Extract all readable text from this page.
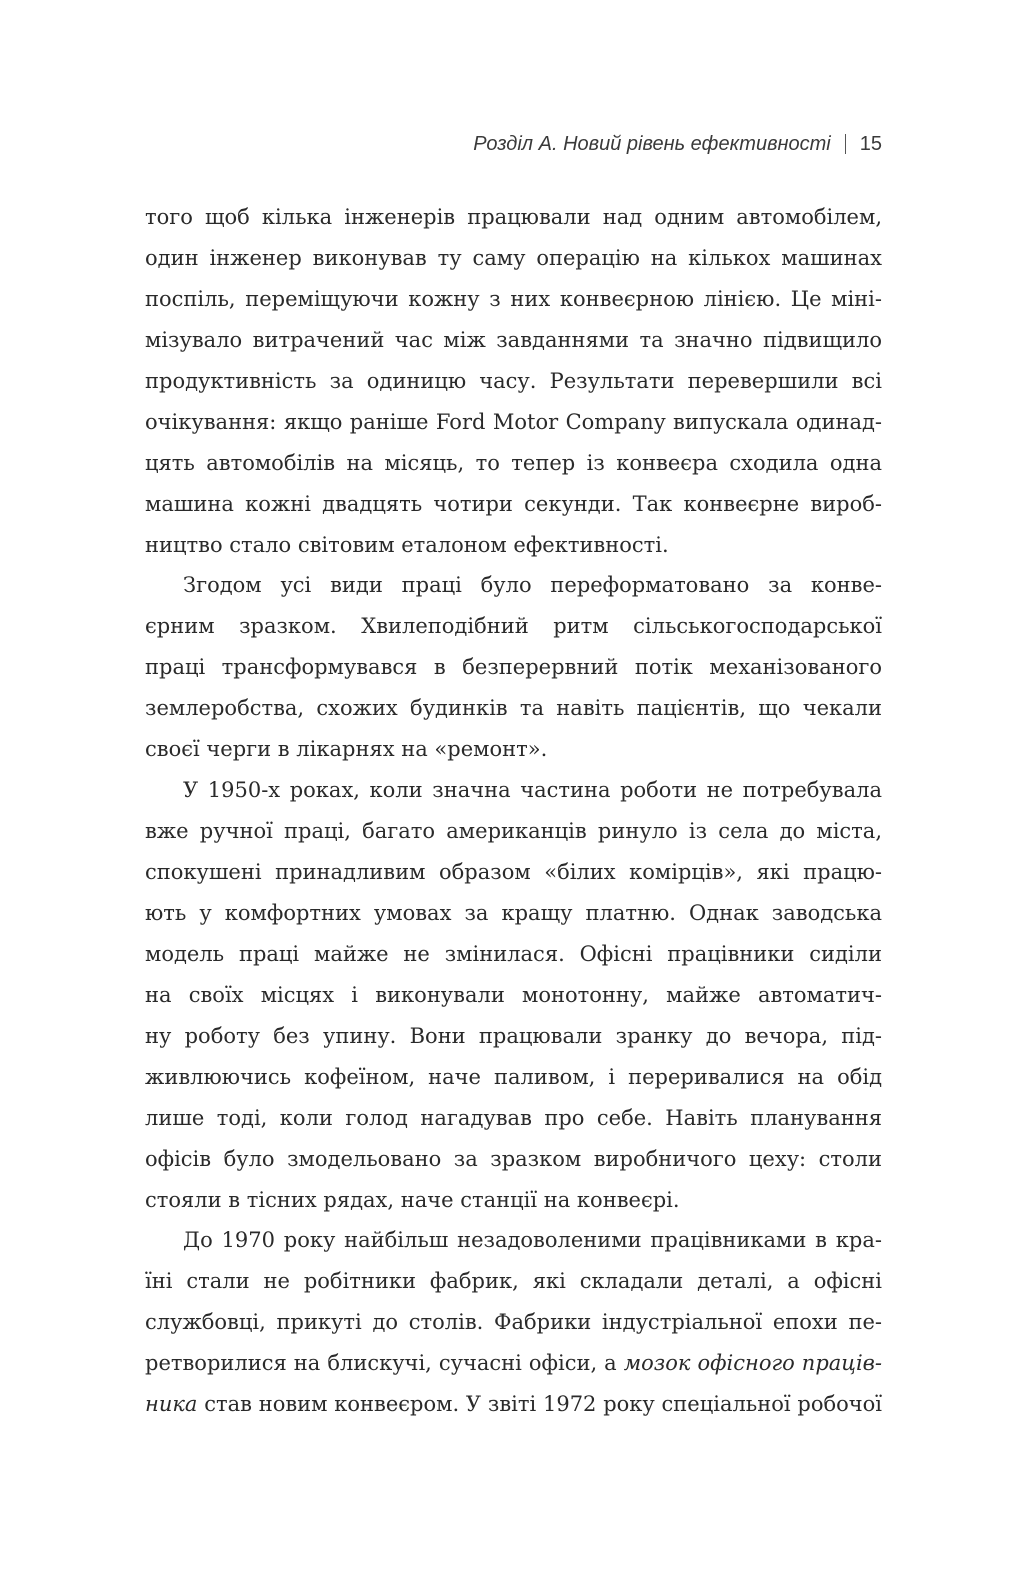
Розділ А. Новий рівень ефективності 15
того щоб кілька інженерів працювали над одним автомобілем,
один інженер виконував ту саму операцію на кількох машинах
поспіль, переміщуючи кожну з них конвеєрною лінією. Це міні-
мізувало витрачений час між завданнями та значно підвищило
продуктивність за одиницю часу. Результати перевершили всі
очікування: якщо раніше Ford Motor Company випускала одинад-
цять автомобілів на місяць, то тепер із конвеєра сходила одна
машина кожні двадцять чотири секунди. Так конвеєрне вироб-
ництво стало світовим еталоном ефективності.
Згодом усі види праці було переформатовано за конве-
єрним зразком. Хвилеподібний ритм сільськогосподарської
праці трансформувався в безперервний потік механізованого
землеробства, схожих будинків та навіть пацієнтів, що чекали
своєї черги в лікарнях на «ремонт».
У 1950-х роках, коли значна частина роботи не потребувала
вже ручної праці, багато американців ринуло із села до міста,
спокушені принадливим образом «білих комірців», які працю-
ють у комфортних умовах за кращу платню. Однак заводська
модель праці майже не змінилася. Офісні працівники сиділи
на своїх місцях і виконували монотонну, майже автоматич-
ну роботу без упину. Вони працювали зранку до вечора, під-
живлюючись кофеїном, наче паливом, і переривалися на обід
лише тоді, коли голод нагадував про себе. Навіть планування
офісів було змодельовано за зразком виробничого цеху: столи
стояли в тісних рядах, наче станції на конвеєрі.
До 1970 року найбільш незадоволеними працівниками в кра-
їні стали не робітники фабрик, які складали деталі, а офісні
службовці, прикуті до столів. Фабрики індустріальної епохи пе-
ретворилися на блискучі, сучасні офіси, а мозок офісного праців-
ника став новим конвеєром. У звіті 1972 року спеціальної робочої
